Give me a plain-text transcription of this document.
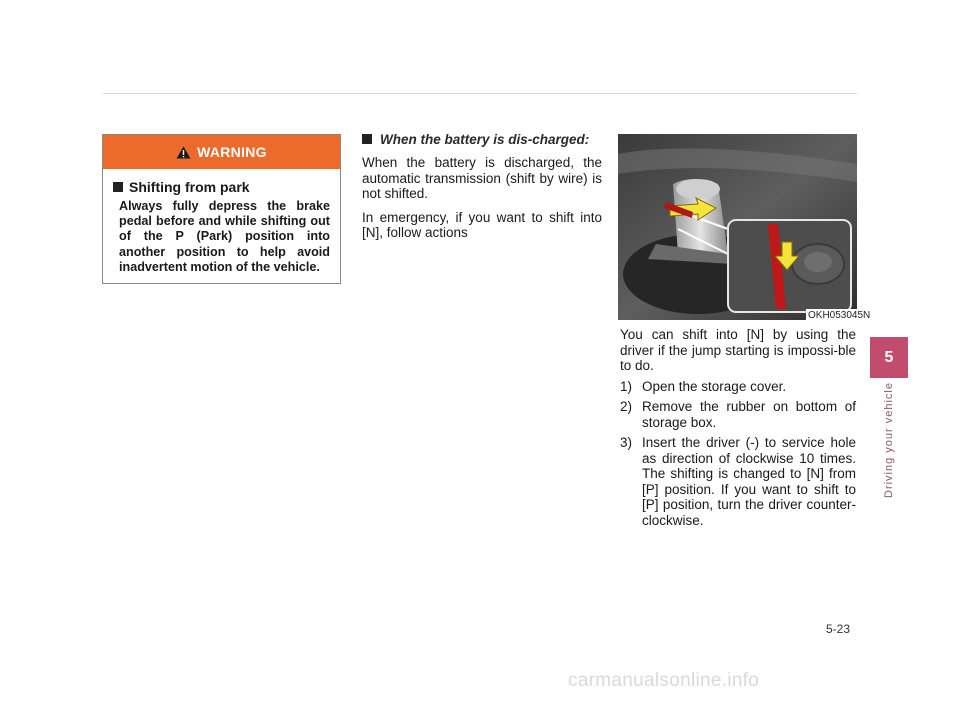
WARNING
Shifting from park
Always fully depress the brake pedal before and while shifting out of the P (Park) position into another position to help avoid inadvertent motion of the vehicle.
When the battery is dis-charged:

When the battery is discharged, the automatic transmission (shift by wire) is not shifted.

In emergency, if you want to shift into [N], follow actions

OKH053045N

You can shift into [N] by using the driver if the jump starting is impossi-ble to do.

1) Open the storage cover.
2) Remove the rubber on bottom of storage box.
3) Insert the driver (-) to service hole as direction of clockwise 10 times. The shifting is changed to [N] from [P] position. If you want to shift to [P] position, turn the driver counter-clockwise.
5
Driving your vehicle
5-23
carmanualsonline.info
